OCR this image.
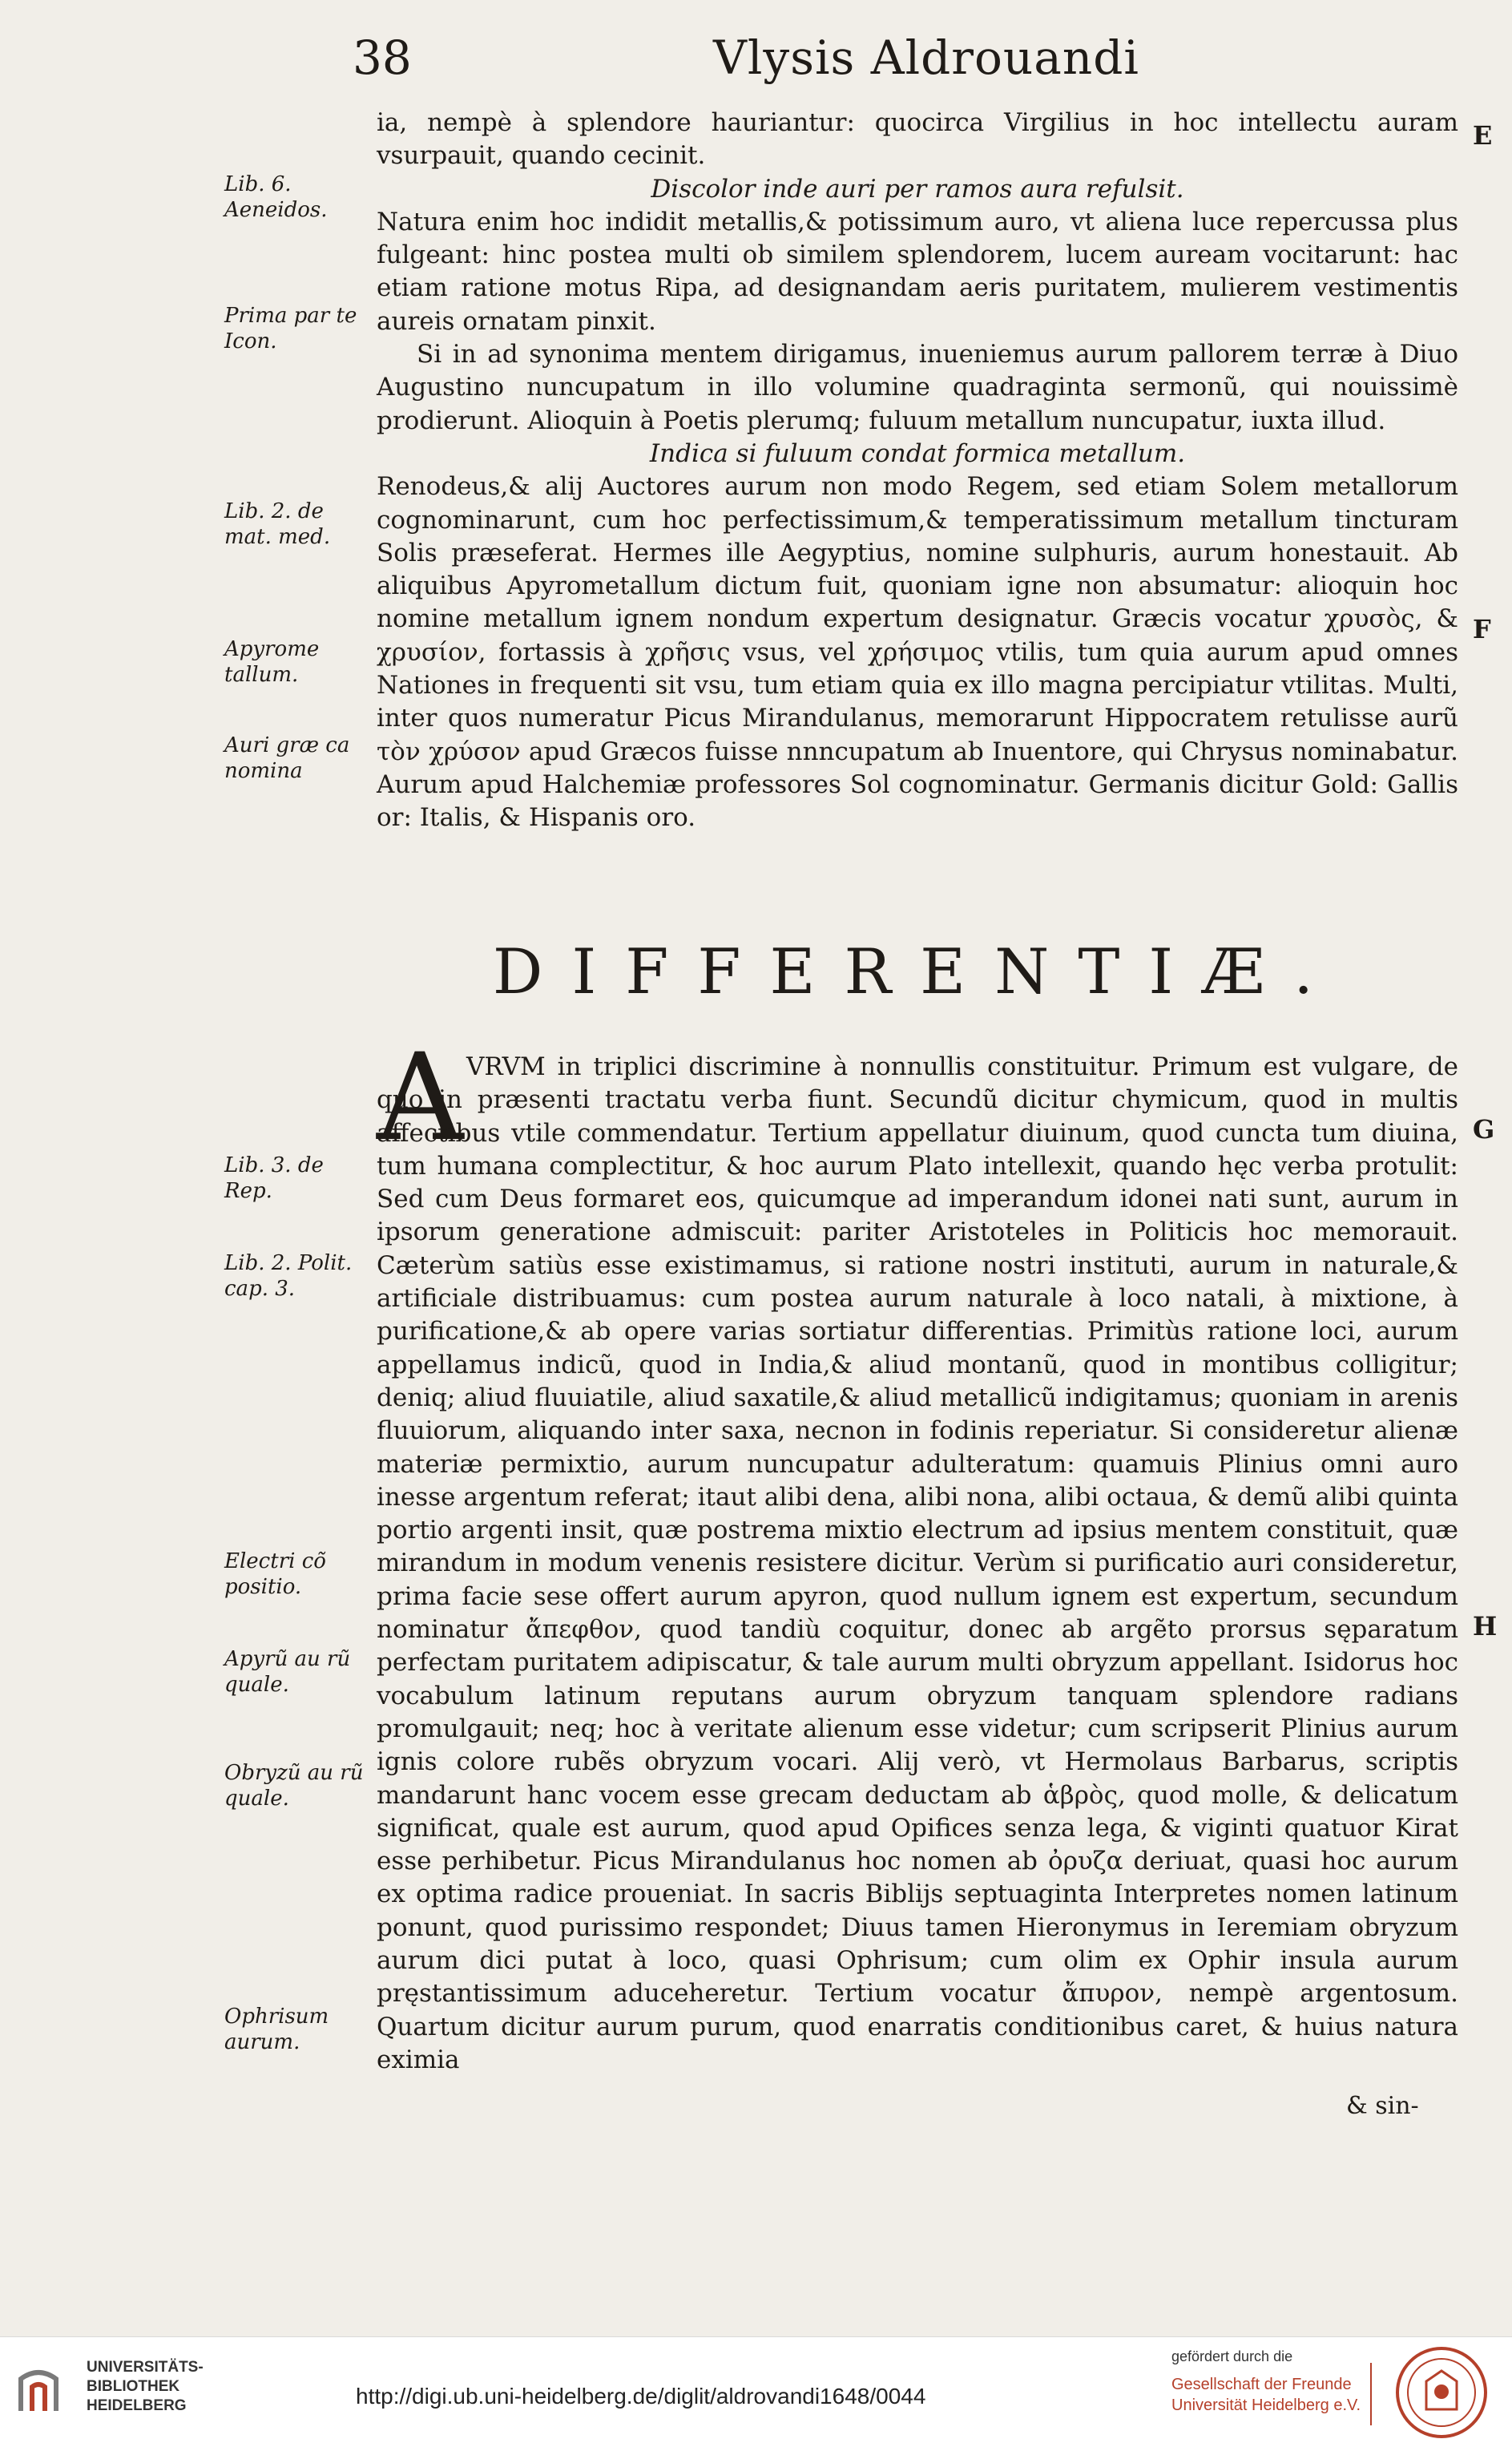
38	Vlysis Aldrouandi
Lib. 6. Aeneidos.
Prima par te Icon.
Lib. 2. de mat. med.
Apyrome tallum.
Auri græ ca nomina
Lib. 3. de Rep.
Lib. 2. Polit. cap. 3.
Electri cõ positio.
Apyrũ au rũ quale.
Obryzũ au rũ quale.
Ophrisum aurum.
E
F
G
H

ia, nempè à splendore hauriantur: quocirca Virgilius in hoc intellectu auram vsurpauit, quando cecinit.

Discolor inde auri per ramos aura refulsit.

Natura enim hoc indidit metallis,& potissimum auro, vt aliena luce repercussa plus fulgeant: hinc postea multi ob similem splendorem, lucem auream vocitarunt: hac etiam ratione motus Ripa, ad designandam aeris puritatem, mulierem vestimentis aureis ornatam pinxit.

Si in ad synonima mentem dirigamus, inueniemus aurum pallorem terræ à Diuo Augustino nuncupatum in illo volumine quadraginta sermonũ, qui nouissimè prodierunt. Alioquin à Poetis plerumq; fuluum metallum nuncupatur, iuxta illud.

Indica si fuluum condat formica metallum.

Renodeus,& alij Auctores aurum non modo Regem, sed etiam Solem metallorum cognominarunt, cum hoc perfectissimum,& temperatissimum metallum tincturam Solis præseferat. Hermes ille Aegyptius, nomine sulphuris, aurum honestauit. Ab aliquibus Apyrometallum dictum fuit, quoniam igne non absumatur: alioquin hoc nomine metallum ignem nondum expertum designatur. Græcis vocatur χρυσὸς, & χρυσίον, fortassis à χρῆσις vsus, vel χρήσιμος vtilis, tum quia aurum apud omnes Nationes in frequenti sit vsu, tum etiam quia ex illo magna percipiatur vtilitas. Multi, inter quos numeratur Picus Mirandulanus, memorarunt Hippocratem retulisse aurũ τὸν χρύσον apud Græcos fuisse nnncupatum ab Inuentore, qui Chrysus nominabatur. Aurum apud Halchemiæ professores Sol cognominatur. Germanis dicitur Gold: Gallis or: Italis, & Hispanis oro.

DIFFERENTIÆ.
A VRVM in triplici discrimine à nonnullis constituitur. Primum est vulgare, de quo in præsenti tractatu verba fiunt. Secundũ dicitur chymicum, quod in multis affectibus vtile commendatur. Tertium appellatur diuinum, quod cuncta tum diuina, tum humana complectitur, & hoc aurum Plato intellexit, quando hęc verba protulit: Sed cum Deus formaret eos, quicumque ad imperandum idonei nati sunt, aurum in ipsorum generatione admiscuit: pariter Aristoteles in Politicis hoc memorauit. Cæterùm satiùs esse existimamus, si ratione nostri instituti, aurum in naturale,& artificiale distribuamus: cum postea aurum naturale à loco natali, à mixtione, à purificatione,& ab opere varias sortiatur differentias. Primitùs ratione loci, aurum appellamus indicũ, quod in India,& aliud montanũ, quod in montibus colligitur; deniq; aliud fluuiatile, aliud saxatile,& aliud metallicũ indigitamus; quoniam in arenis fluuiorum, aliquando inter saxa, necnon in fodinis reperiatur. Si consideretur alienæ materiæ permixtio, aurum nuncupatur adulteratum: quamuis Plinius omni auro inesse argentum referat; itaut alibi dena, alibi nona, alibi octaua, & demũ alibi quinta portio argenti insit, quæ postrema mixtio electrum ad ipsius mentem constituit, quæ mirandum in modum venenis resistere dicitur. Verùm si purificatio auri consideretur, prima facie sese offert aurum apyron, quod nullum ignem est expertum, secundum nominatur ἄπεφθον, quod tandiù coquitur, donec ab argẽto prorsus sęparatum perfectam puritatem adipiscatur, & tale aurum multi obryzum appellant. Isidorus hoc vocabulum latinum reputans aurum obryzum tanquam splendore radians promulgauit; neq; hoc à veritate alienum esse videtur; cum scripserit Plinius aurum ignis colore rubẽs obryzum vocari. Alij verò, vt Hermolaus Barbarus, scriptis mandarunt hanc vocem esse grecam deductam ab ἁβρὸς, quod molle, & delicatum significat, quale est aurum, quod apud Opifices senza lega, & viginti quatuor Kirat esse perhibetur. Picus Mirandulanus hoc nomen ab ὀρυζα deriuat, quasi hoc aurum ex optima radice proueniat. In sacris Biblijs septuaginta Interpretes nomen latinum ponunt, quod purissimo respondet; Diuus tamen Hieronymus in Ieremiam obryzum aurum dici putat à loco, quasi Ophrisum; cum olim ex Ophir insula aurum pręstantissimum aduceheretur. Tertium vocatur ἄπυρον, nempè argentosum. Quartum dicitur aurum purum, quod enarratis conditionibus caret, & huius natura eximia

& sin-
UNIVERSITÄTS-
BIBLIOTHEK
HEIDELBERG	http://digi.ub.uni-heidelberg.de/diglit/aldrovandi1648/0044
gefördert durch die
Gesellschaft der Freunde
Universität Heidelberg e.V.
